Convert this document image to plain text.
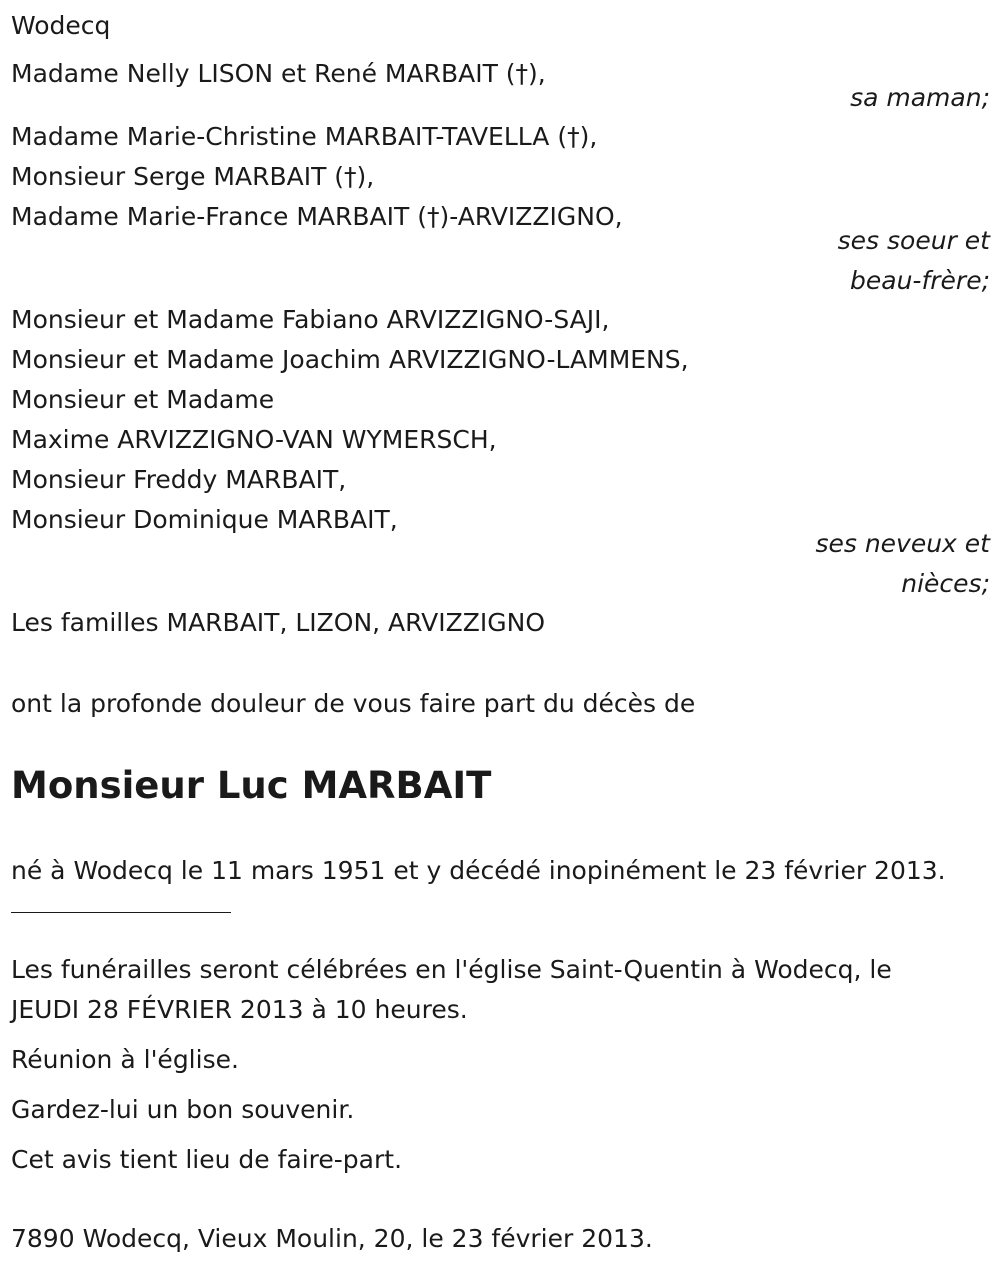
Wodecq

Madame Nelly LISON et René MARBAIT (†),

sa maman;

Madame Marie-Christine MARBAIT-TAVELLA (†),

Monsieur Serge MARBAIT (†),

Madame Marie-France MARBAIT (†)-ARVIZZIGNO,

ses soeur et
beau-frère;

Monsieur et Madame Fabiano ARVIZZIGNO-SAJI,

Monsieur et Madame Joachim ARVIZZIGNO-LAMMENS,

Monsieur et Madame

Maxime ARVIZZIGNO-VAN WYMERSCH,

Monsieur Freddy MARBAIT,

Monsieur Dominique MARBAIT,

ses neveux et
nièces;

Les familles MARBAIT, LIZON, ARVIZZIGNO

ont la profonde douleur de vous faire part du décès de

Monsieur Luc MARBAIT

né à Wodecq le 11 mars 1951 et y décédé inopinément le 23 février 2013.

Les funérailles seront célébrées en l'église Saint-Quentin à Wodecq, le

JEUDI 28 FÉVRIER 2013 à 10 heures.

Réunion à l'église.

Gardez-lui un bon souvenir.

Cet avis tient lieu de faire-part.

7890 Wodecq, Vieux Moulin, 20, le 23 février 2013.
